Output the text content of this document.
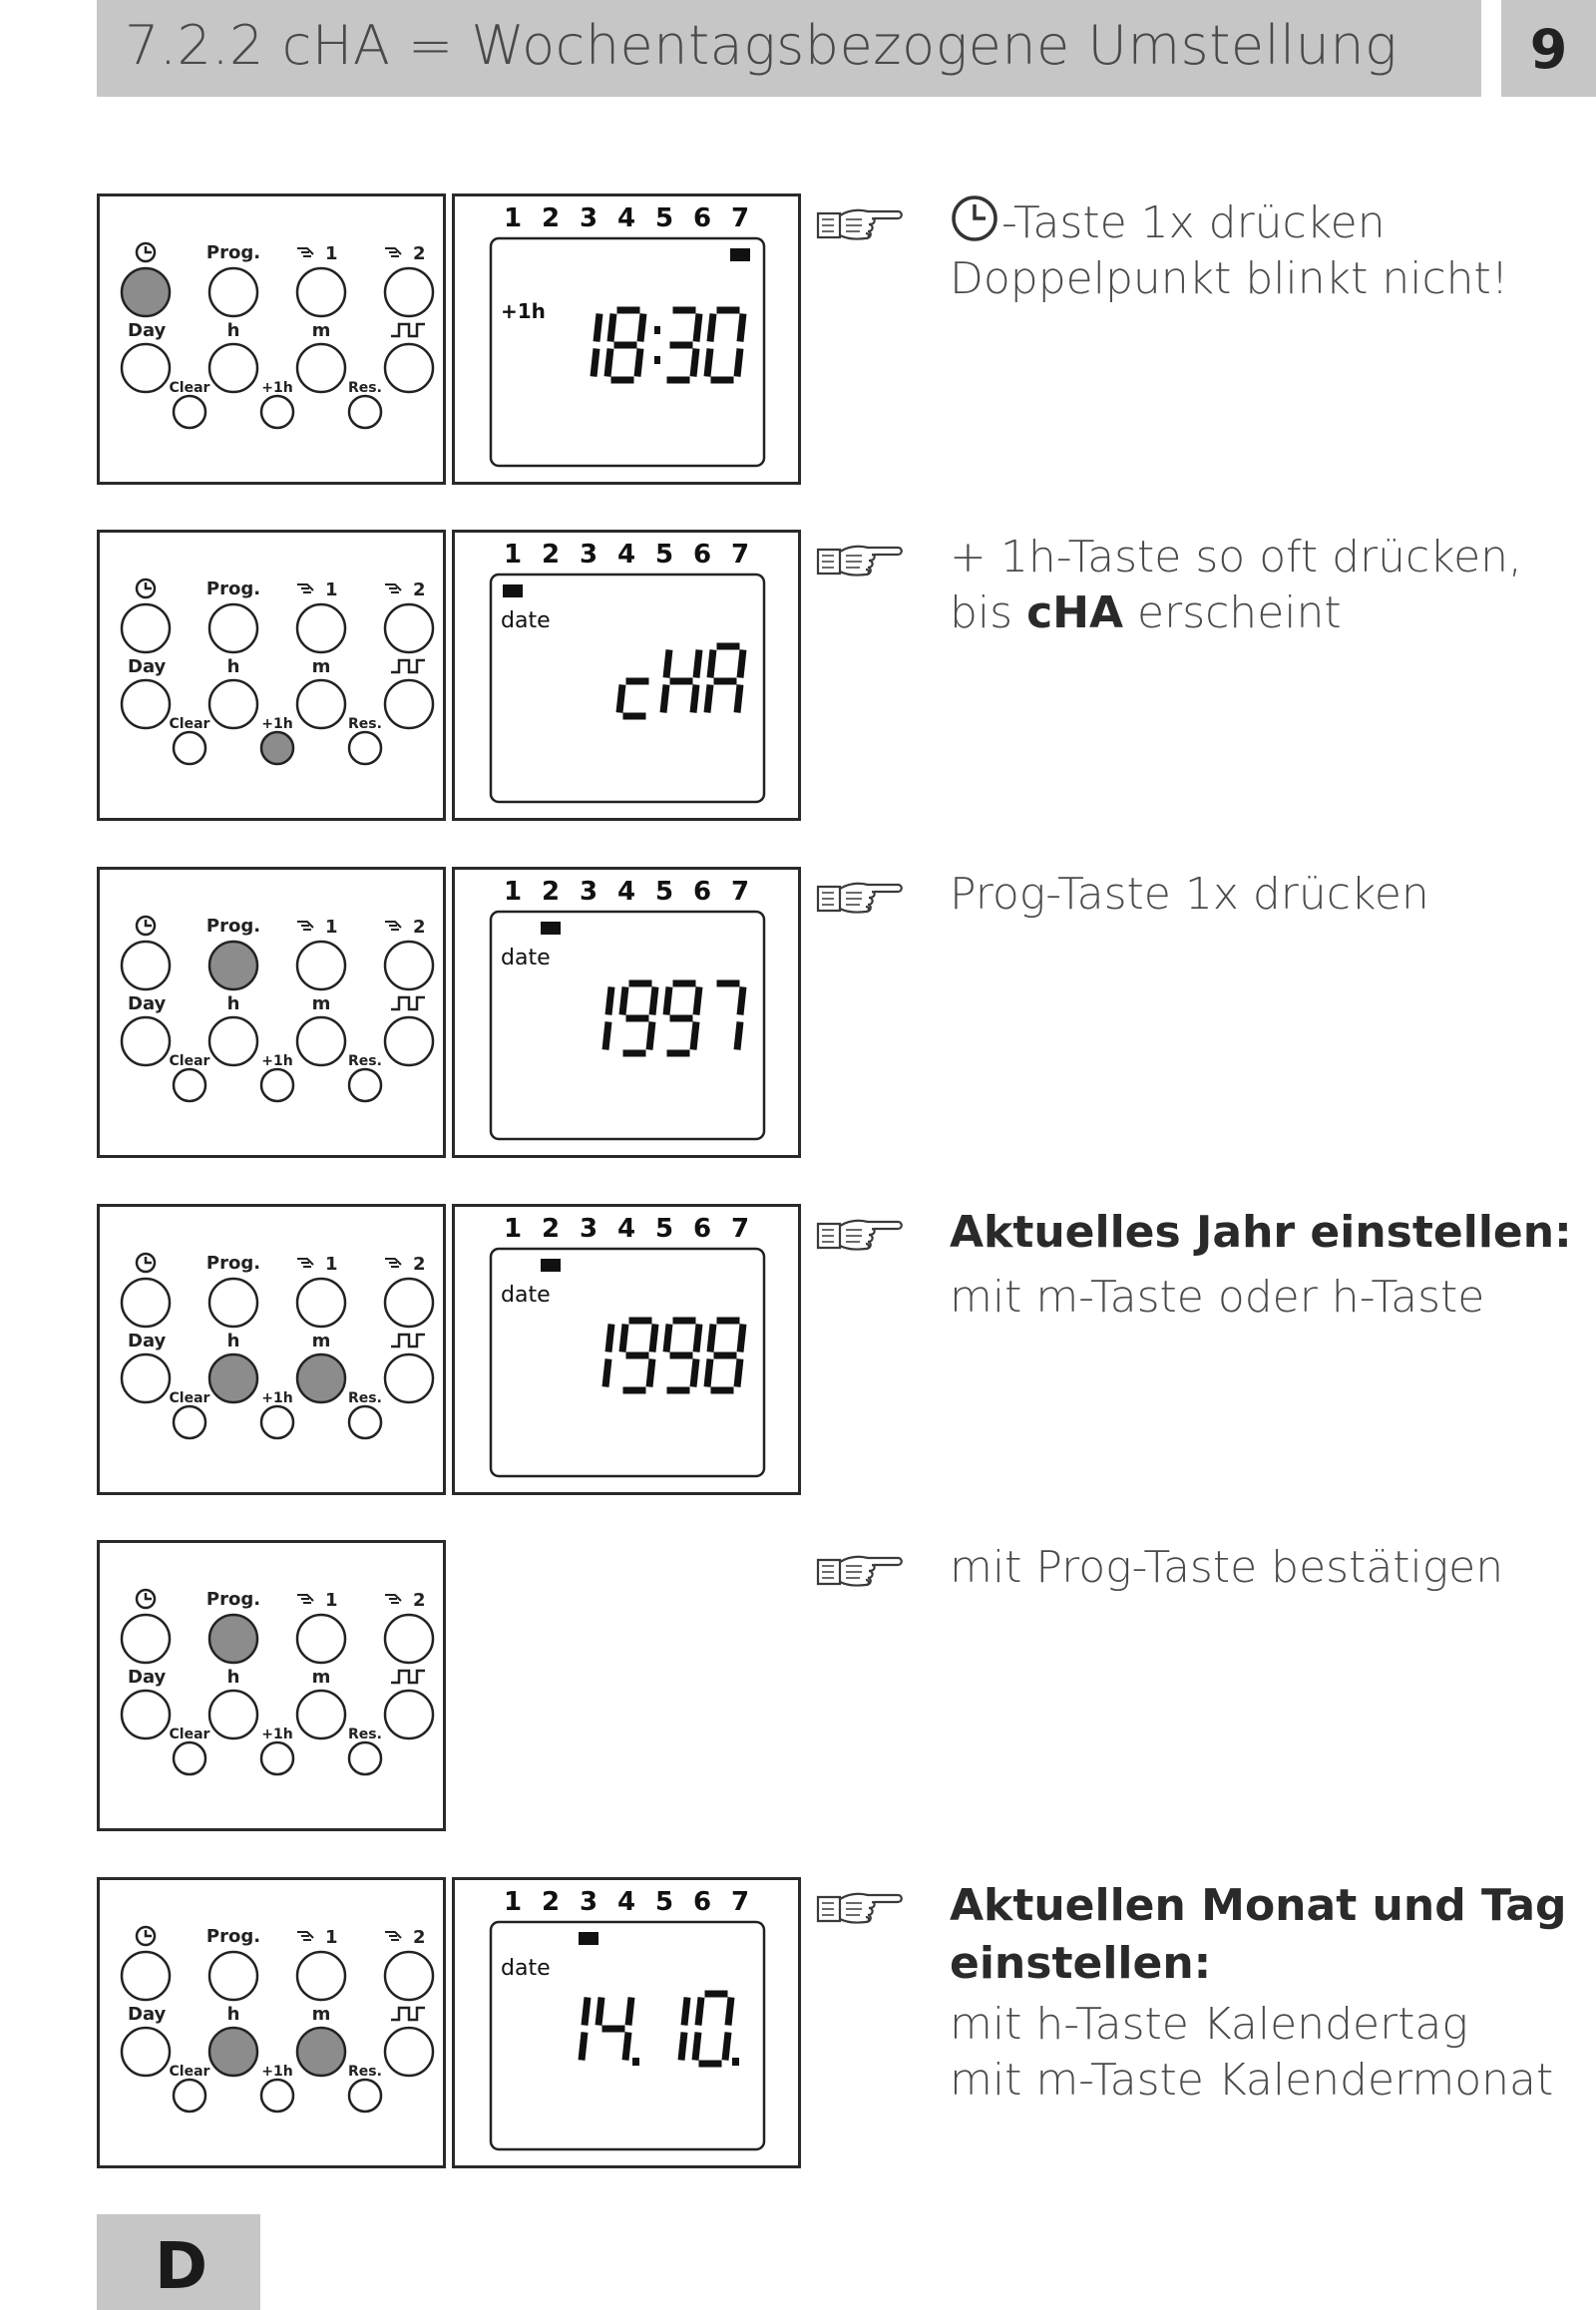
7.2.2 cHA = Wochentagsbezogene Umstellung	9
Prog.	1	2
Day	h	m
Clear	+1h	Res.
1 2 3 4 5 6 7
+1h
18:30
-Taste 1x drücken
Doppelpunkt blinkt nicht!
Prog.	1	2
Day	h	m
Clear	+1h	Res.
1 2 3 4 5 6 7
date
cHA	+ 1h-Taste so oft drücken,
bis cHA erscheint
Prog.	1	2
Day	h	m
Clear	+1h	Res.
1 2 3 4 5 6 7
date
1997	Prog-Taste 1x drücken
Prog.	1	2
Day	h	m
Clear	+1h	Res.
1 2 3 4 5 6 7
date
1998	Aktuelles Jahr einstellen:
mit m-Taste oder h-Taste
Prog.	1	2
Day	h	m
Clear	+1h	Res.
mit Prog-Taste bestätigen
Prog.	1	2
Day	h	m
Clear	+1h	Res.
1 2 3 4 5 6 7
date
14.10.	Aktuellen Monat und Tag
einstellen:
mit h-Taste Kalendertag
mit m-Taste Kalendermonat
D
